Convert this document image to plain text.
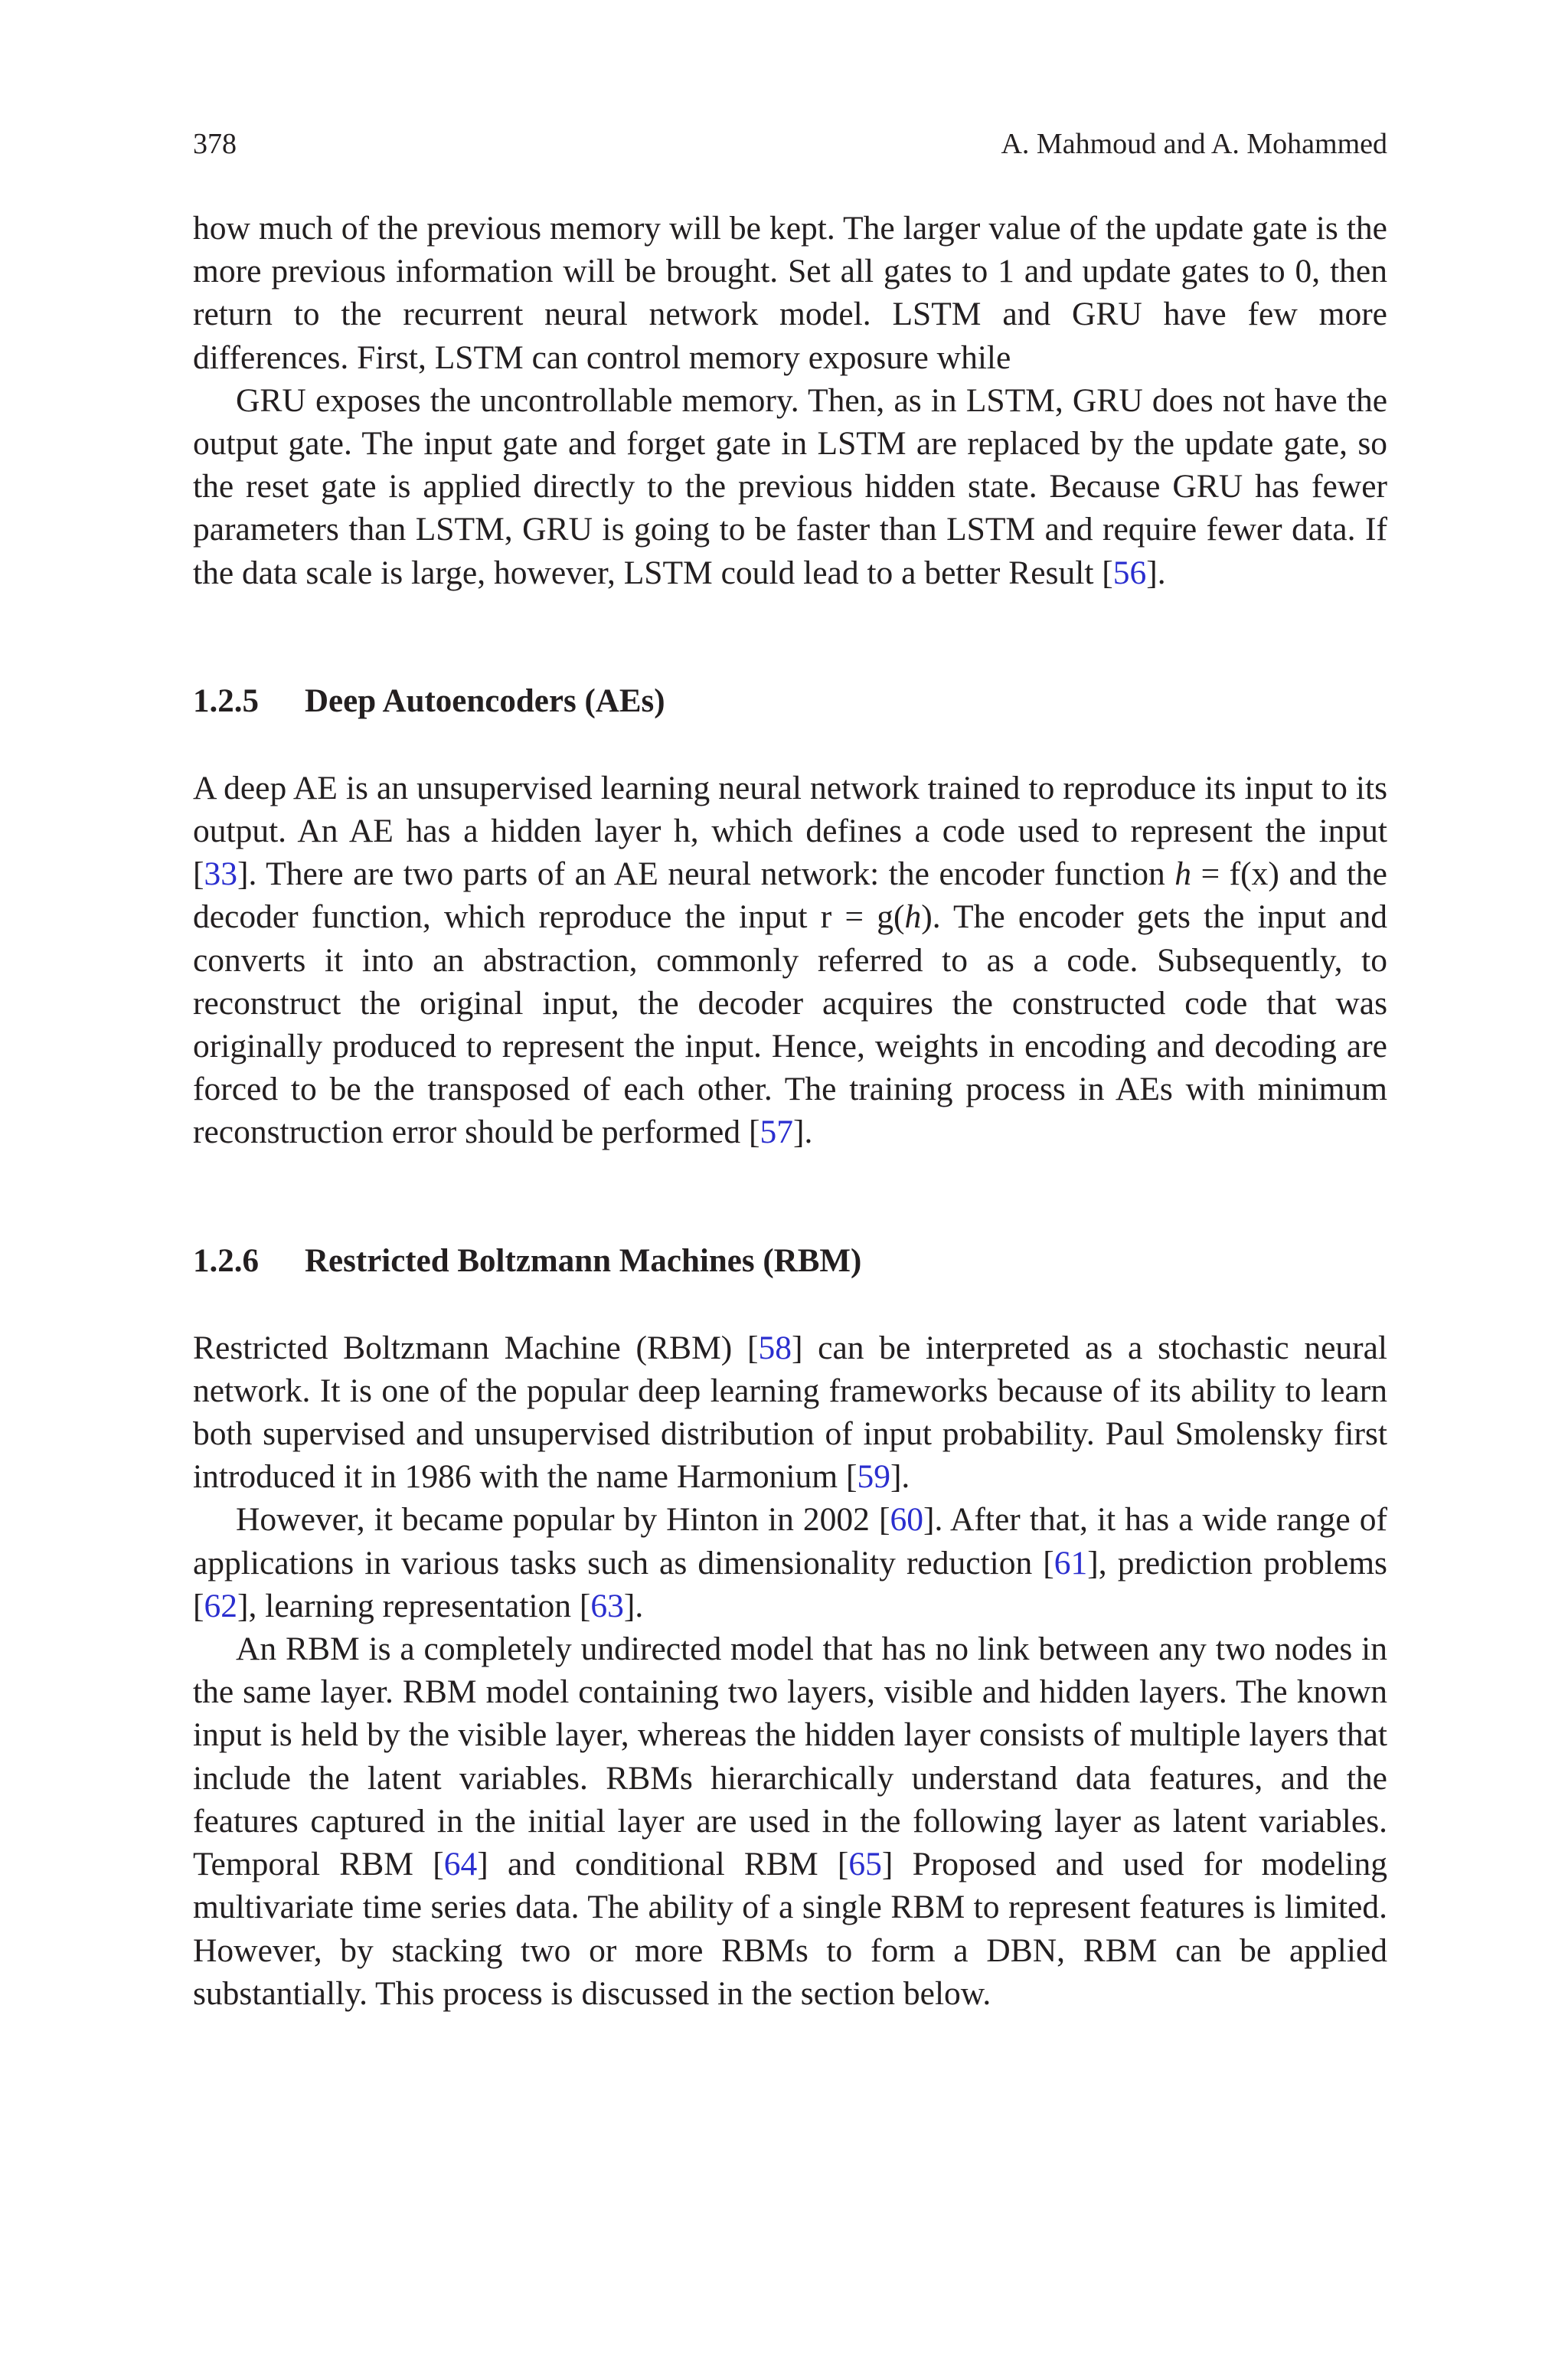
378	A. Mahmoud and A. Mohammed

how much of the previous memory will be kept. The larger value of the update gate is the more previous information will be brought. Set all gates to 1 and update gates to 0, then return to the recurrent neural network model. LSTM and GRU have few more differences. First, LSTM can control memory exposure while

GRU exposes the uncontrollable memory. Then, as in LSTM, GRU does not have the output gate. The input gate and forget gate in LSTM are replaced by the update gate, so the reset gate is applied directly to the previous hidden state. Because GRU has fewer parameters than LSTM, GRU is going to be faster than LSTM and require fewer data. If the data scale is large, however, LSTM could lead to a better Result [56].

1.2.5 Deep Autoencoders (AEs)

A deep AE is an unsupervised learning neural network trained to reproduce its input to its output. An AE has a hidden layer h, which defines a code used to represent the input [33]. There are two parts of an AE neural network: the encoder function h = f(x) and the decoder function, which reproduce the input r = g(h). The encoder gets the input and converts it into an abstraction, commonly referred to as a code. Subsequently, to reconstruct the original input, the decoder acquires the constructed code that was originally produced to represent the input. Hence, weights in encoding and decoding are forced to be the transposed of each other. The training process in AEs with minimum reconstruction error should be performed [57].

1.2.6 Restricted Boltzmann Machines (RBM)

Restricted Boltzmann Machine (RBM) [58] can be interpreted as a stochastic neural network. It is one of the popular deep learning frameworks because of its ability to learn both supervised and unsupervised distribution of input probability. Paul Smolensky first introduced it in 1986 with the name Harmonium [59].

However, it became popular by Hinton in 2002 [60]. After that, it has a wide range of applications in various tasks such as dimensionality reduction [61], prediction problems [62], learning representation [63].

An RBM is a completely undirected model that has no link between any two nodes in the same layer. RBM model containing two layers, visible and hidden layers. The known input is held by the visible layer, whereas the hidden layer consists of multiple layers that include the latent variables. RBMs hierarchically understand data features, and the features captured in the initial layer are used in the following layer as latent variables. Temporal RBM [64] and conditional RBM [65] Proposed and used for modeling multivariate time series data. The ability of a single RBM to represent features is limited. However, by stacking two or more RBMs to form a DBN, RBM can be applied substantially. This process is discussed in the section below.
